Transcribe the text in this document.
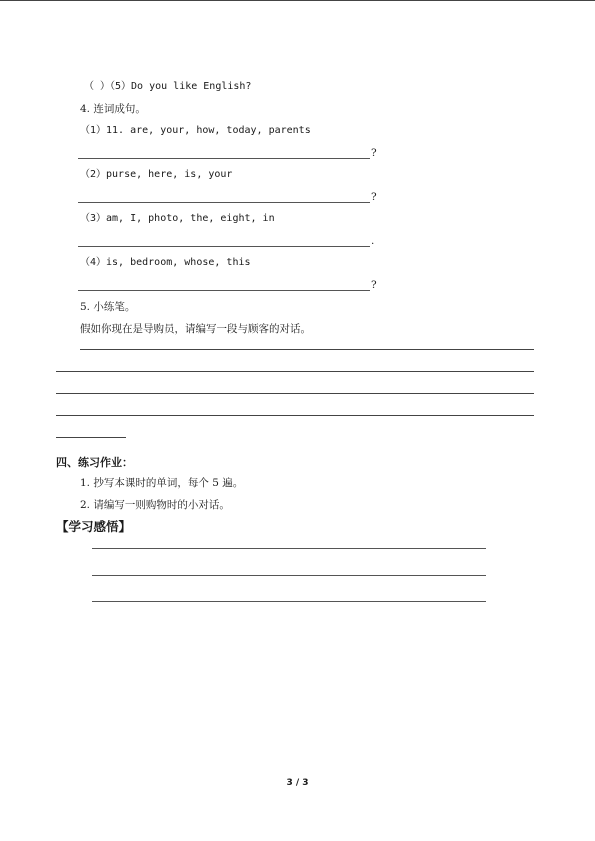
（ ）（5）Do you like English?
4. 连词成句。
（1）11. are, your, how, today, parents
?
（2）purse, here, is, your
?
（3）am, I, photo, the, eight, in
.
（4）is, bedroom, whose, this
?
5. 小练笔。
假如你现在是导购员，请编写一段与顾客的对话。
四、练习作业：
1. 抄写本课时的单词，每个 5 遍。
2. 请编写一则购物时的小对话。
【学习感悟】
3 / 3
